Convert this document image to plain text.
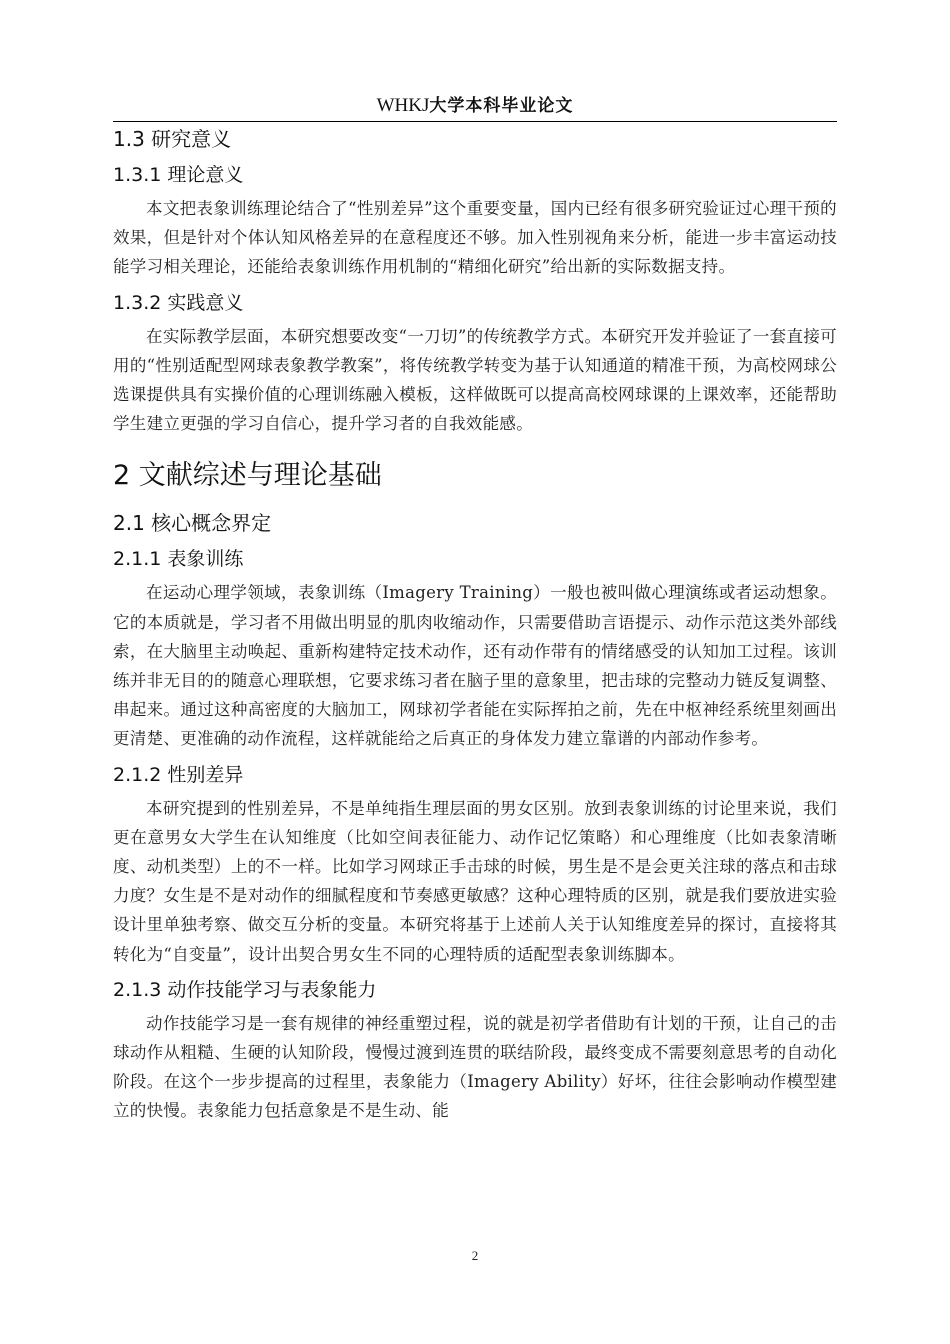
WHKJ大学本科毕业论文
1.3 研究意义
1.3.1 理论意义
本文把表象训练理论结合了“性别差异”这个重要变量，国内已经有很多研究验证过心理干预的效果，但是针对个体认知风格差异的在意程度还不够。加入性别视角来分析，能进一步丰富运动技能学习相关理论，还能给表象训练作用机制的“精细化研究”给出新的实际数据支持。
1.3.2 实践意义
在实际教学层面，本研究想要改变“一刀切”的传统教学方式。本研究开发并验证了一套直接可用的“性别适配型网球表象教学教案”，将传统教学转变为基于认知通道的精准干预，为高校网球公选课提供具有实操价值的心理训练融入模板，这样做既可以提高高校网球课的上课效率，还能帮助学生建立更强的学习自信心，提升学习者的自我效能感。
2 文献综述与理论基础
2.1 核心概念界定
2.1.1 表象训练
在运动心理学领域，表象训练（Imagery Training）一般也被叫做心理演练或者运动想象。它的本质就是，学习者不用做出明显的肌肉收缩动作，只需要借助言语提示、动作示范这类外部线索，在大脑里主动唤起、重新构建特定技术动作，还有动作带有的情绪感受的认知加工过程。该训练并非无目的的随意心理联想，它要求练习者在脑子里的意象里，把击球的完整动力链反复调整、串起来。通过这种高密度的大脑加工，网球初学者能在实际挥拍之前，先在中枢神经系统里刻画出更清楚、更准确的动作流程，这样就能给之后真正的身体发力建立靠谱的内部动作参考。
2.1.2 性别差异
本研究提到的性别差异，不是单纯指生理层面的男女区别。放到表象训练的讨论里来说，我们更在意男女大学生在认知维度（比如空间表征能力、动作记忆策略）和心理维度（比如表象清晰度、动机类型）上的不一样。比如学习网球正手击球的时候，男生是不是会更关注球的落点和击球力度？女生是不是对动作的细腻程度和节奏感更敏感？这种心理特质的区别，就是我们要放进实验设计里单独考察、做交互分析的变量。本研究将基于上述前人关于认知维度差异的探讨，直接将其转化为“自变量”，设计出契合男女生不同的心理特质的适配型表象训练脚本。
2.1.3 动作技能学习与表象能力
动作技能学习是一套有规律的神经重塑过程，说的就是初学者借助有计划的干预，让自己的击球动作从粗糙、生硬的认知阶段，慢慢过渡到连贯的联结阶段，最终变成不需要刻意思考的自动化阶段。在这个一步步提高的过程里，表象能力（Imagery Ability）好坏，往往会影响动作模型建立的快慢。表象能力包括意象是不是生动、能
2
